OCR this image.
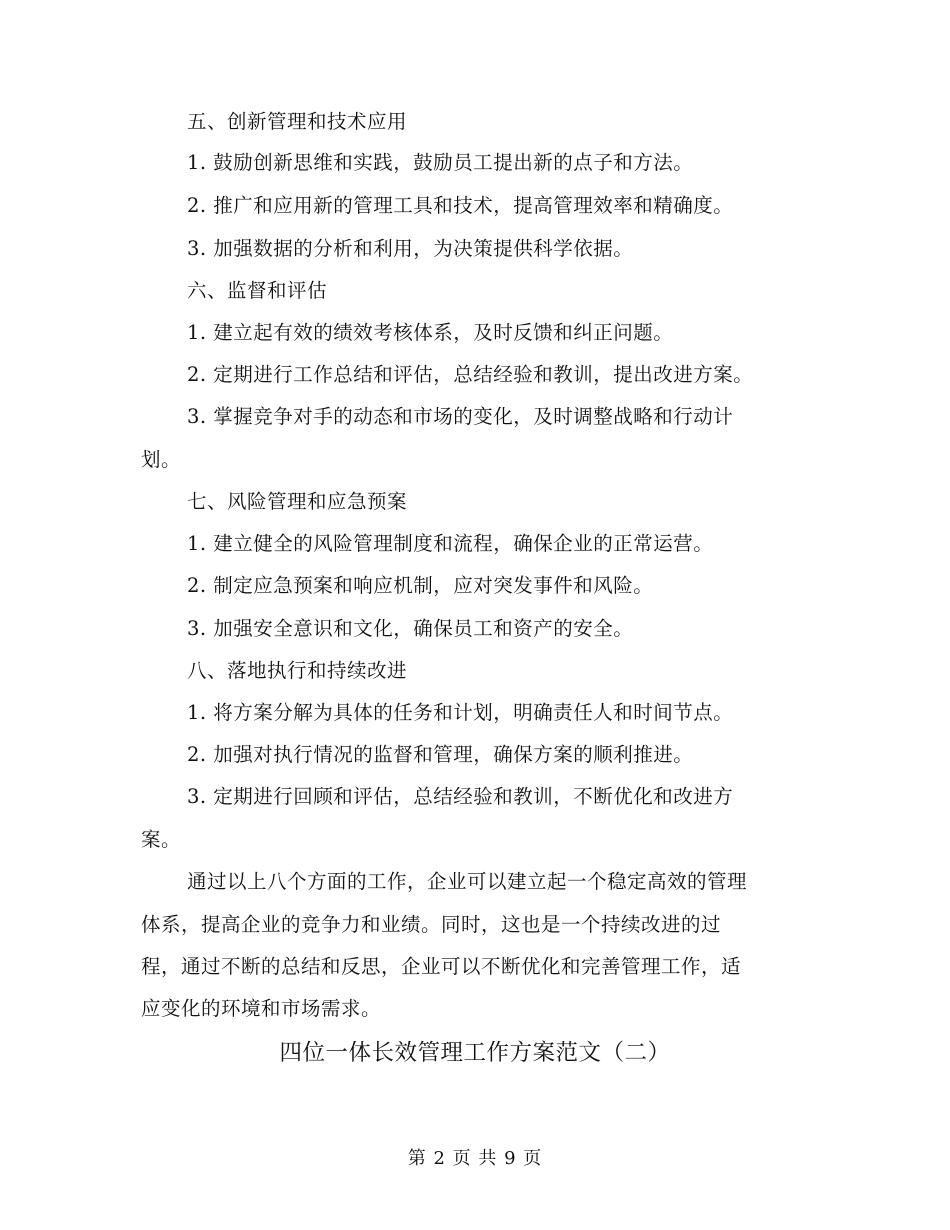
五、创新管理和技术应用
1. 鼓励创新思维和实践，鼓励员工提出新的点子和方法。
2. 推广和应用新的管理工具和技术，提高管理效率和精确度。
3. 加强数据的分析和利用，为决策提供科学依据。
六、监督和评估
1. 建立起有效的绩效考核体系，及时反馈和纠正问题。
2. 定期进行工作总结和评估，总结经验和教训，提出改进方案。
3. 掌握竞争对手的动态和市场的变化，及时调整战略和行动计
划。
七、风险管理和应急预案
1. 建立健全的风险管理制度和流程，确保企业的正常运营。
2. 制定应急预案和响应机制，应对突发事件和风险。
3. 加强安全意识和文化，确保员工和资产的安全。
八、落地执行和持续改进
1. 将方案分解为具体的任务和计划，明确责任人和时间节点。
2. 加强对执行情况的监督和管理，确保方案的顺利推进。
3. 定期进行回顾和评估，总结经验和教训，不断优化和改进方
案。
通过以上八个方面的工作，企业可以建立起一个稳定高效的管理
体系，提高企业的竞争力和业绩。同时，这也是一个持续改进的过
程，通过不断的总结和反思，企业可以不断优化和完善管理工作，适
应变化的环境和市场需求。
四位一体长效管理工作方案范文（二）
第 2 页 共 9 页
